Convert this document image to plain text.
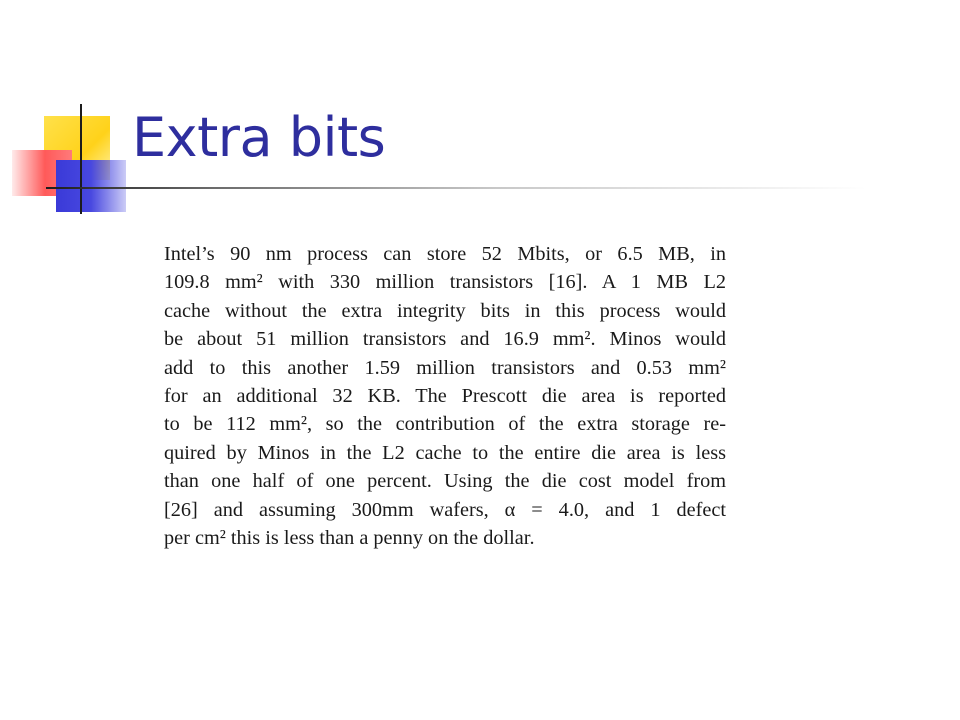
Extra bits
Intel’s 90 nm process can store 52 Mbits, or 6.5 MB, in
109.8 mm² with 330 million transistors [16]. A 1 MB L2
cache without the extra integrity bits in this process would
be about 51 million transistors and 16.9 mm². Minos would
add to this another 1.59 million transistors and 0.53 mm²
for an additional 32 KB. The Prescott die area is reported
to be 112 mm², so the contribution of the extra storage re-
quired by Minos in the L2 cache to the entire die area is less
than one half of one percent. Using the die cost model from
[26] and assuming 300mm wafers, α = 4.0, and 1 defect
per cm² this is less than a penny on the dollar.
